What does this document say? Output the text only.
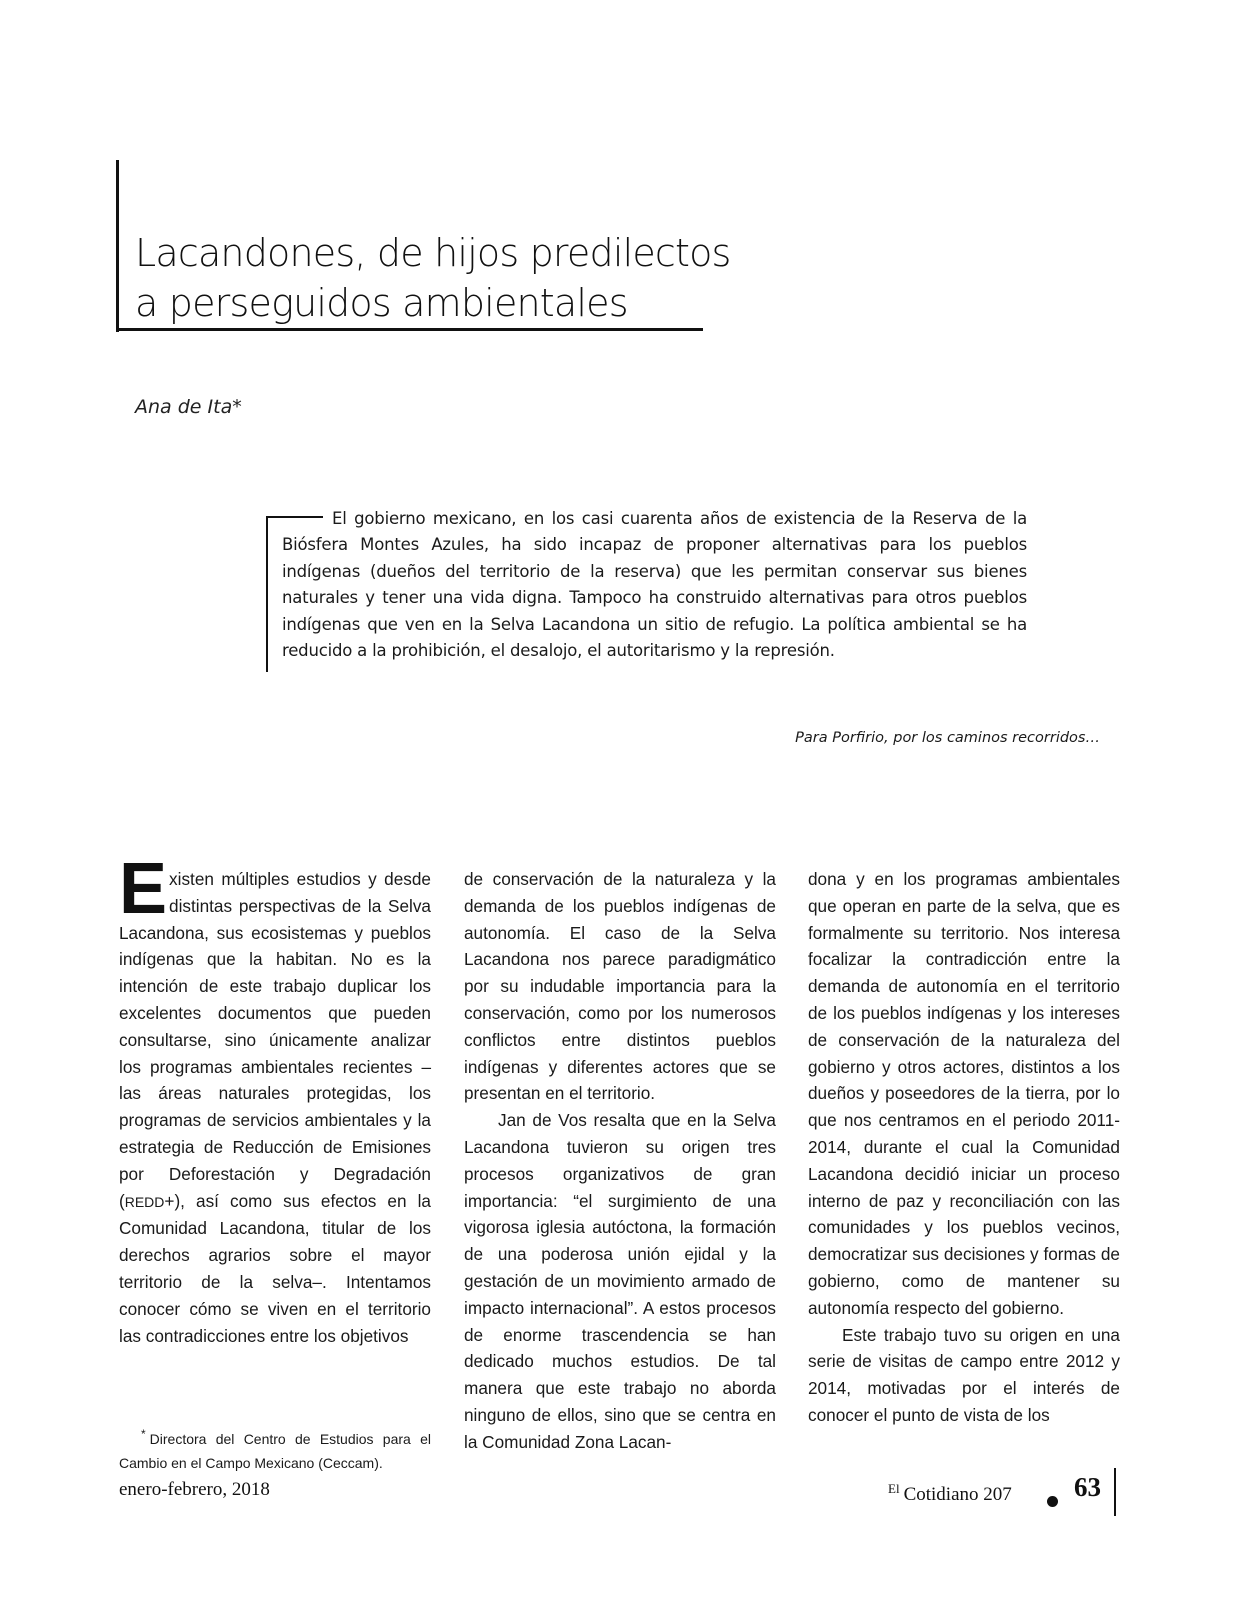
Lacandones, de hijos predilectos
a perseguidos ambientales
Ana de Ita*
El gobierno mexicano, en los casi cuarenta años de existencia de la Reserva de la Biósfera Montes Azules, ha sido incapaz de proponer alternativas para los pueblos indígenas (dueños del territorio de la reserva) que les permitan conservar sus bienes naturales y tener una vida digna. Tampoco ha construido alternativas para otros pueblos indígenas que ven en la Selva Lacandona un sitio de refugio. La política ambiental se ha reducido a la prohibición, el desalojo, el autoritarismo y la represión.
Para Porfirio, por los caminos recorridos…

Existen múltiples estudios y desde distintas perspectivas de la Selva Lacandona, sus ecosistemas y pueblos indígenas que la habitan. No es la intención de este trabajo duplicar los excelentes documentos que pueden consultarse, sino únicamente analizar los programas ambientales recientes –las áreas naturales protegidas, los programas de servicios ambientales y la estrategia de Reducción de Emisiones por Deforestación y Degradación (REDD+), así como sus efectos en la Comunidad Lacandona, titular de los derechos agrarios sobre el mayor territorio de la selva–. Intentamos conocer cómo se viven en el territorio las contradicciones entre los objetivos

de conservación de la naturaleza y la demanda de los pueblos indígenas de autonomía. El caso de la Selva Lacandona nos parece paradigmático por su indudable importancia para la conservación, como por los numerosos conflictos entre distintos pueblos indígenas y diferentes actores que se presentan en el territorio.

Jan de Vos resalta que en la Selva Lacandona tuvieron su origen tres procesos organizativos de gran importancia: “el surgimiento de una vigorosa iglesia autóctona, la formación de una poderosa unión ejidal y la gestación de un movimiento armado de impacto internacional”. A estos procesos de enorme trascendencia se han dedicado muchos estudios. De tal manera que este trabajo no aborda ninguno de ellos, sino que se centra en la Comunidad Zona Lacan-

dona y en los programas ambientales que operan en parte de la selva, que es formalmente su territorio. Nos interesa focalizar la contradicción entre la demanda de autonomía en el territorio de los pueblos indígenas y los intereses de conservación de la naturaleza del gobierno y otros actores, distintos a los dueños y poseedores de la tierra, por lo que nos centramos en el periodo 2011-2014, durante el cual la Comunidad Lacandona decidió iniciar un proceso interno de paz y reconciliación con las comunidades y los pueblos vecinos, democratizar sus decisiones y formas de gobierno, como de mantener su autonomía respecto del gobierno.

Este trabajo tuvo su origen en una serie de visitas de campo entre 2012 y 2014, motivadas por el interés de conocer el punto de vista de los

* Directora del Centro de Estudios para el Cambio en el Campo Mexicano (Ceccam).
enero-febrero, 2018	$^{El}$ Cotidiano 207 63
